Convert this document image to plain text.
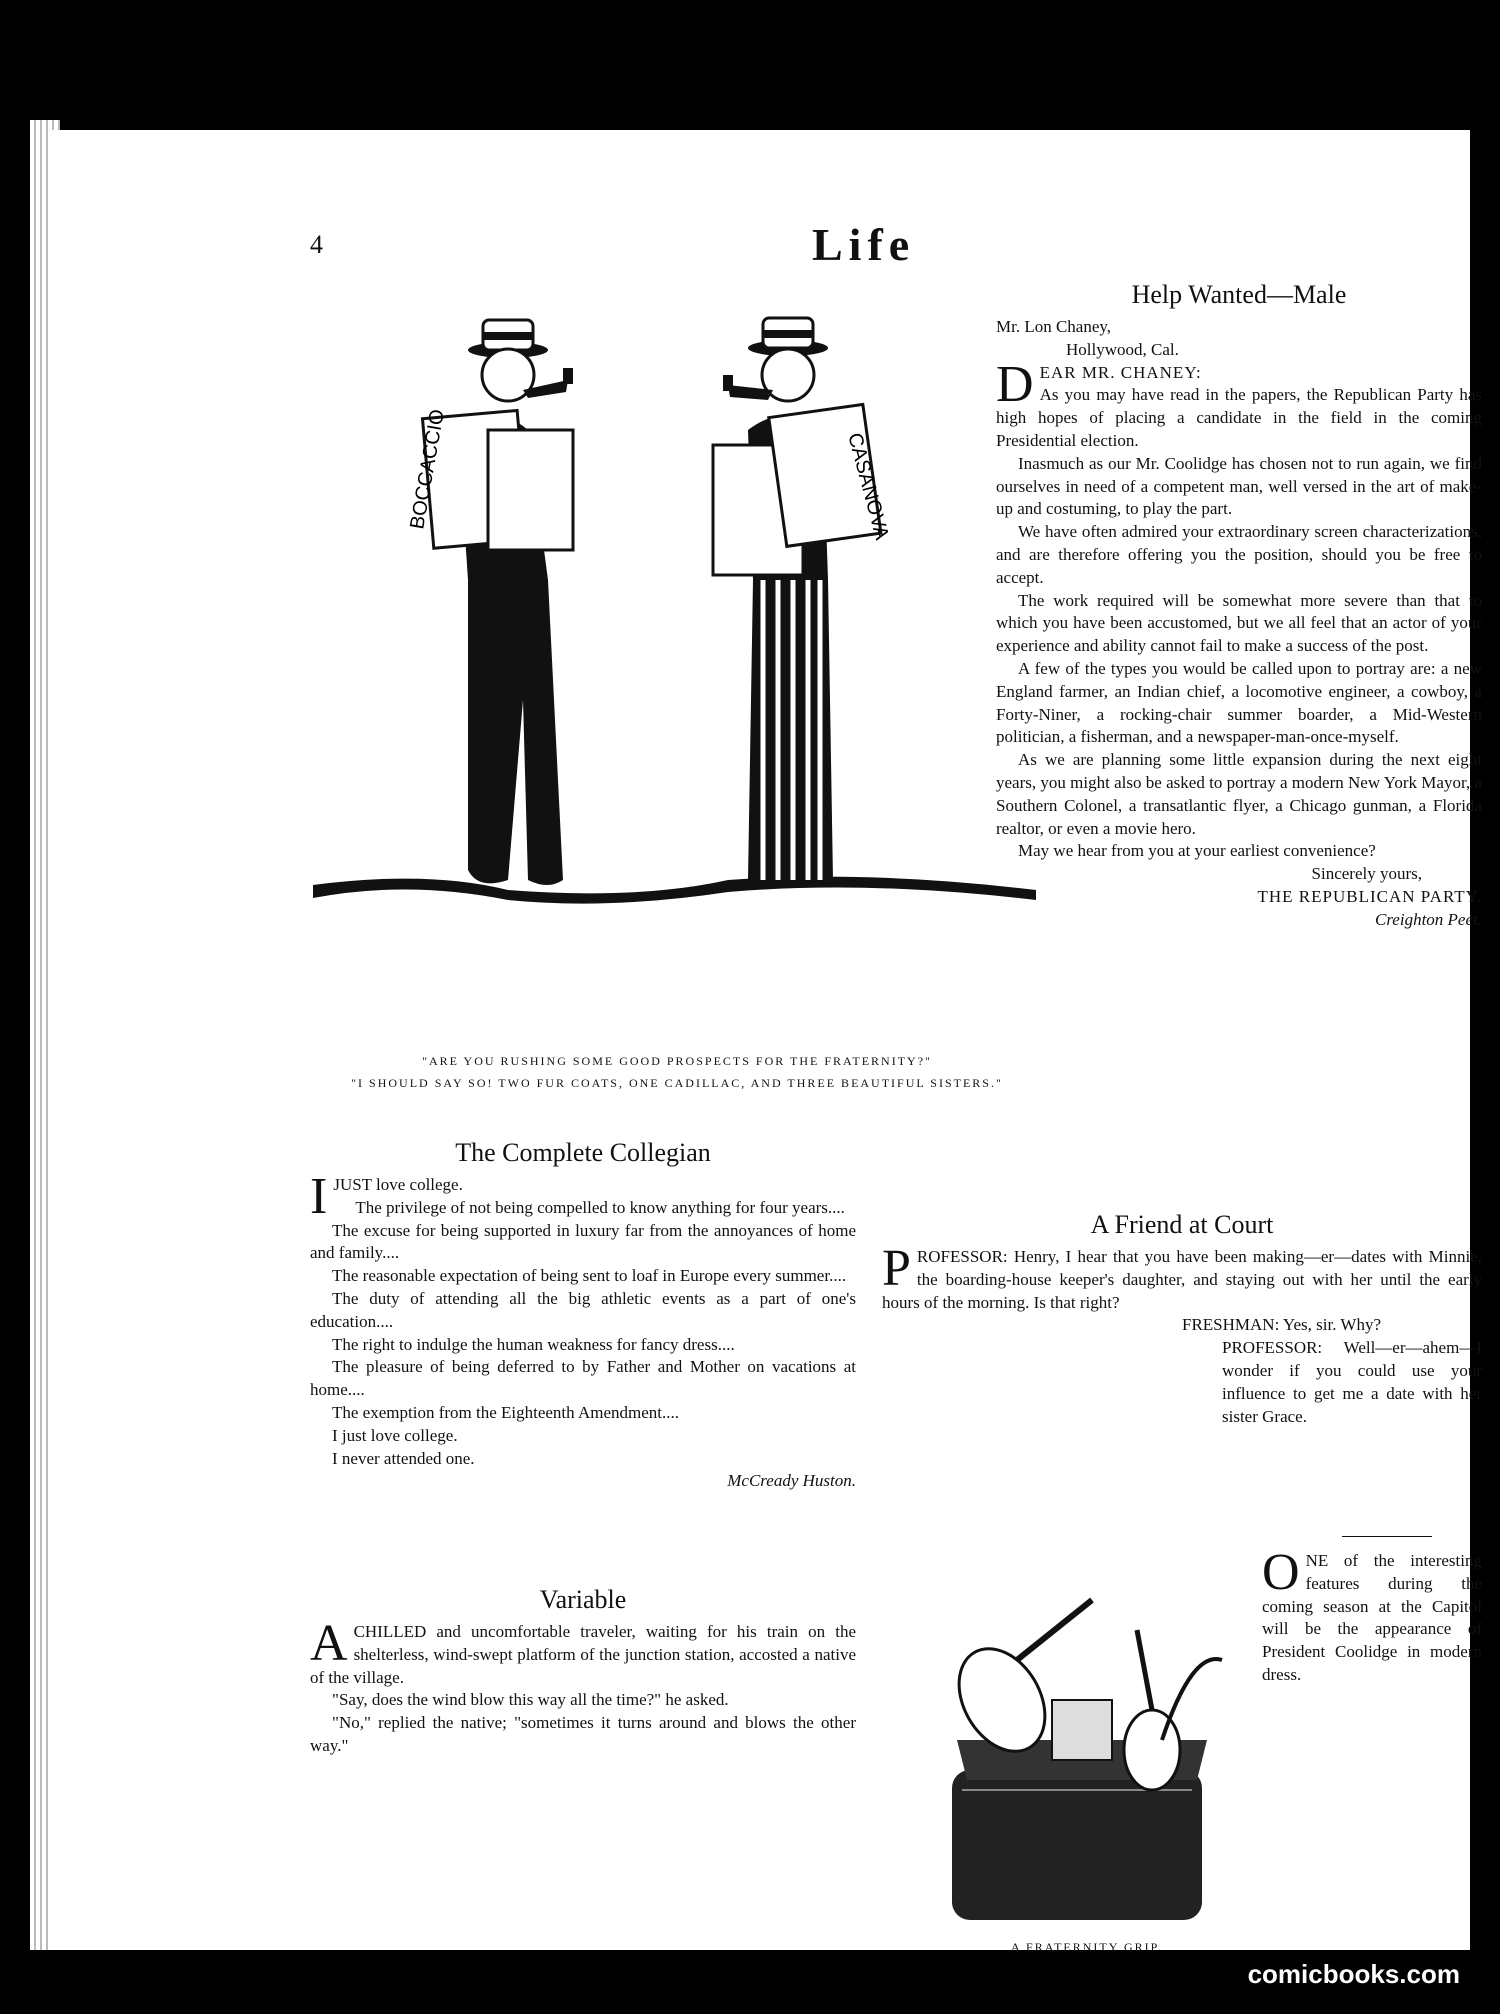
4	Life
BOCCACCIO	CASANOVA
"ARE YOU RUSHING SOME GOOD PROSPECTS FOR THE FRATERNITY?"
"I SHOULD SAY SO! TWO FUR COATS, ONE CADILLAC, AND THREE BEAUTIFUL SISTERS."
The Complete Collegian

IJUST love college.

The privilege of not being compelled to know anything for four years....

The excuse for being supported in luxury far from the annoyances of home and family....

The reasonable expectation of being sent to loaf in Europe every summer....

The duty of attending all the big athletic events as a part of one's education....

The right to indulge the human weakness for fancy dress....

The pleasure of being deferred to by Father and Mother on vacations at home....

The exemption from the Eighteenth Amendment....

I just love college.

I never attended one.

McCready Huston.

Variable

ACHILLED and uncomfortable traveler, waiting for his train on the shelterless, wind-swept platform of the junction station, accosted a native of the village.

"Say, does the wind blow this way all the time?" he asked.

"No," replied the native; "sometimes it turns around and blows the other way."

Help Wanted—Male

Mr. Lon Chaney,

Hollywood, Cal.

DEAR MR. CHANEY:
As you may have read in the papers, the Republican Party has high hopes of placing a candidate in the field in the coming Presidential election.

Inasmuch as our Mr. Coolidge has chosen not to run again, we find ourselves in need of a competent man, well versed in the art of make-up and costuming, to play the part.

We have often admired your extraordinary screen characterizations, and are therefore offering you the position, should you be free to accept.

The work required will be somewhat more severe than that to which you have been accustomed, but we all feel that an actor of your experience and ability cannot fail to make a success of the post.

A few of the types you would be called upon to portray are: a new England farmer, an Indian chief, a locomotive engineer, a cowboy, a Forty-Niner, a rocking-chair summer boarder, a Mid-Western politician, a fisherman, and a newspaper-man-once-myself.

As we are planning some little expansion during the next eight years, you might also be asked to portray a modern New York Mayor, a Southern Colonel, a transatlantic flyer, a Chicago gunman, a Florida realtor, or even a movie hero.

May we hear from you at your earliest convenience?

Sincerely yours,

THE REPUBLICAN PARTY.

Creighton Peet.

A Friend at Court

PROFESSOR: Henry, I hear that you have been making—er—dates with Minnie, the boarding-house keeper's daughter, and staying out with her until the early hours of the morning. Is that right?

FRESHMAN: Yes, sir. Why?

PROFESSOR: Well—er—ahem—I wonder if you could use your influence to get me a date with her sister Grace.

A FRATERNITY GRIP.

ONE of the interesting features during the coming season at the Capitol will be the appearance of President Coolidge in modern dress.

comicbooks.com
